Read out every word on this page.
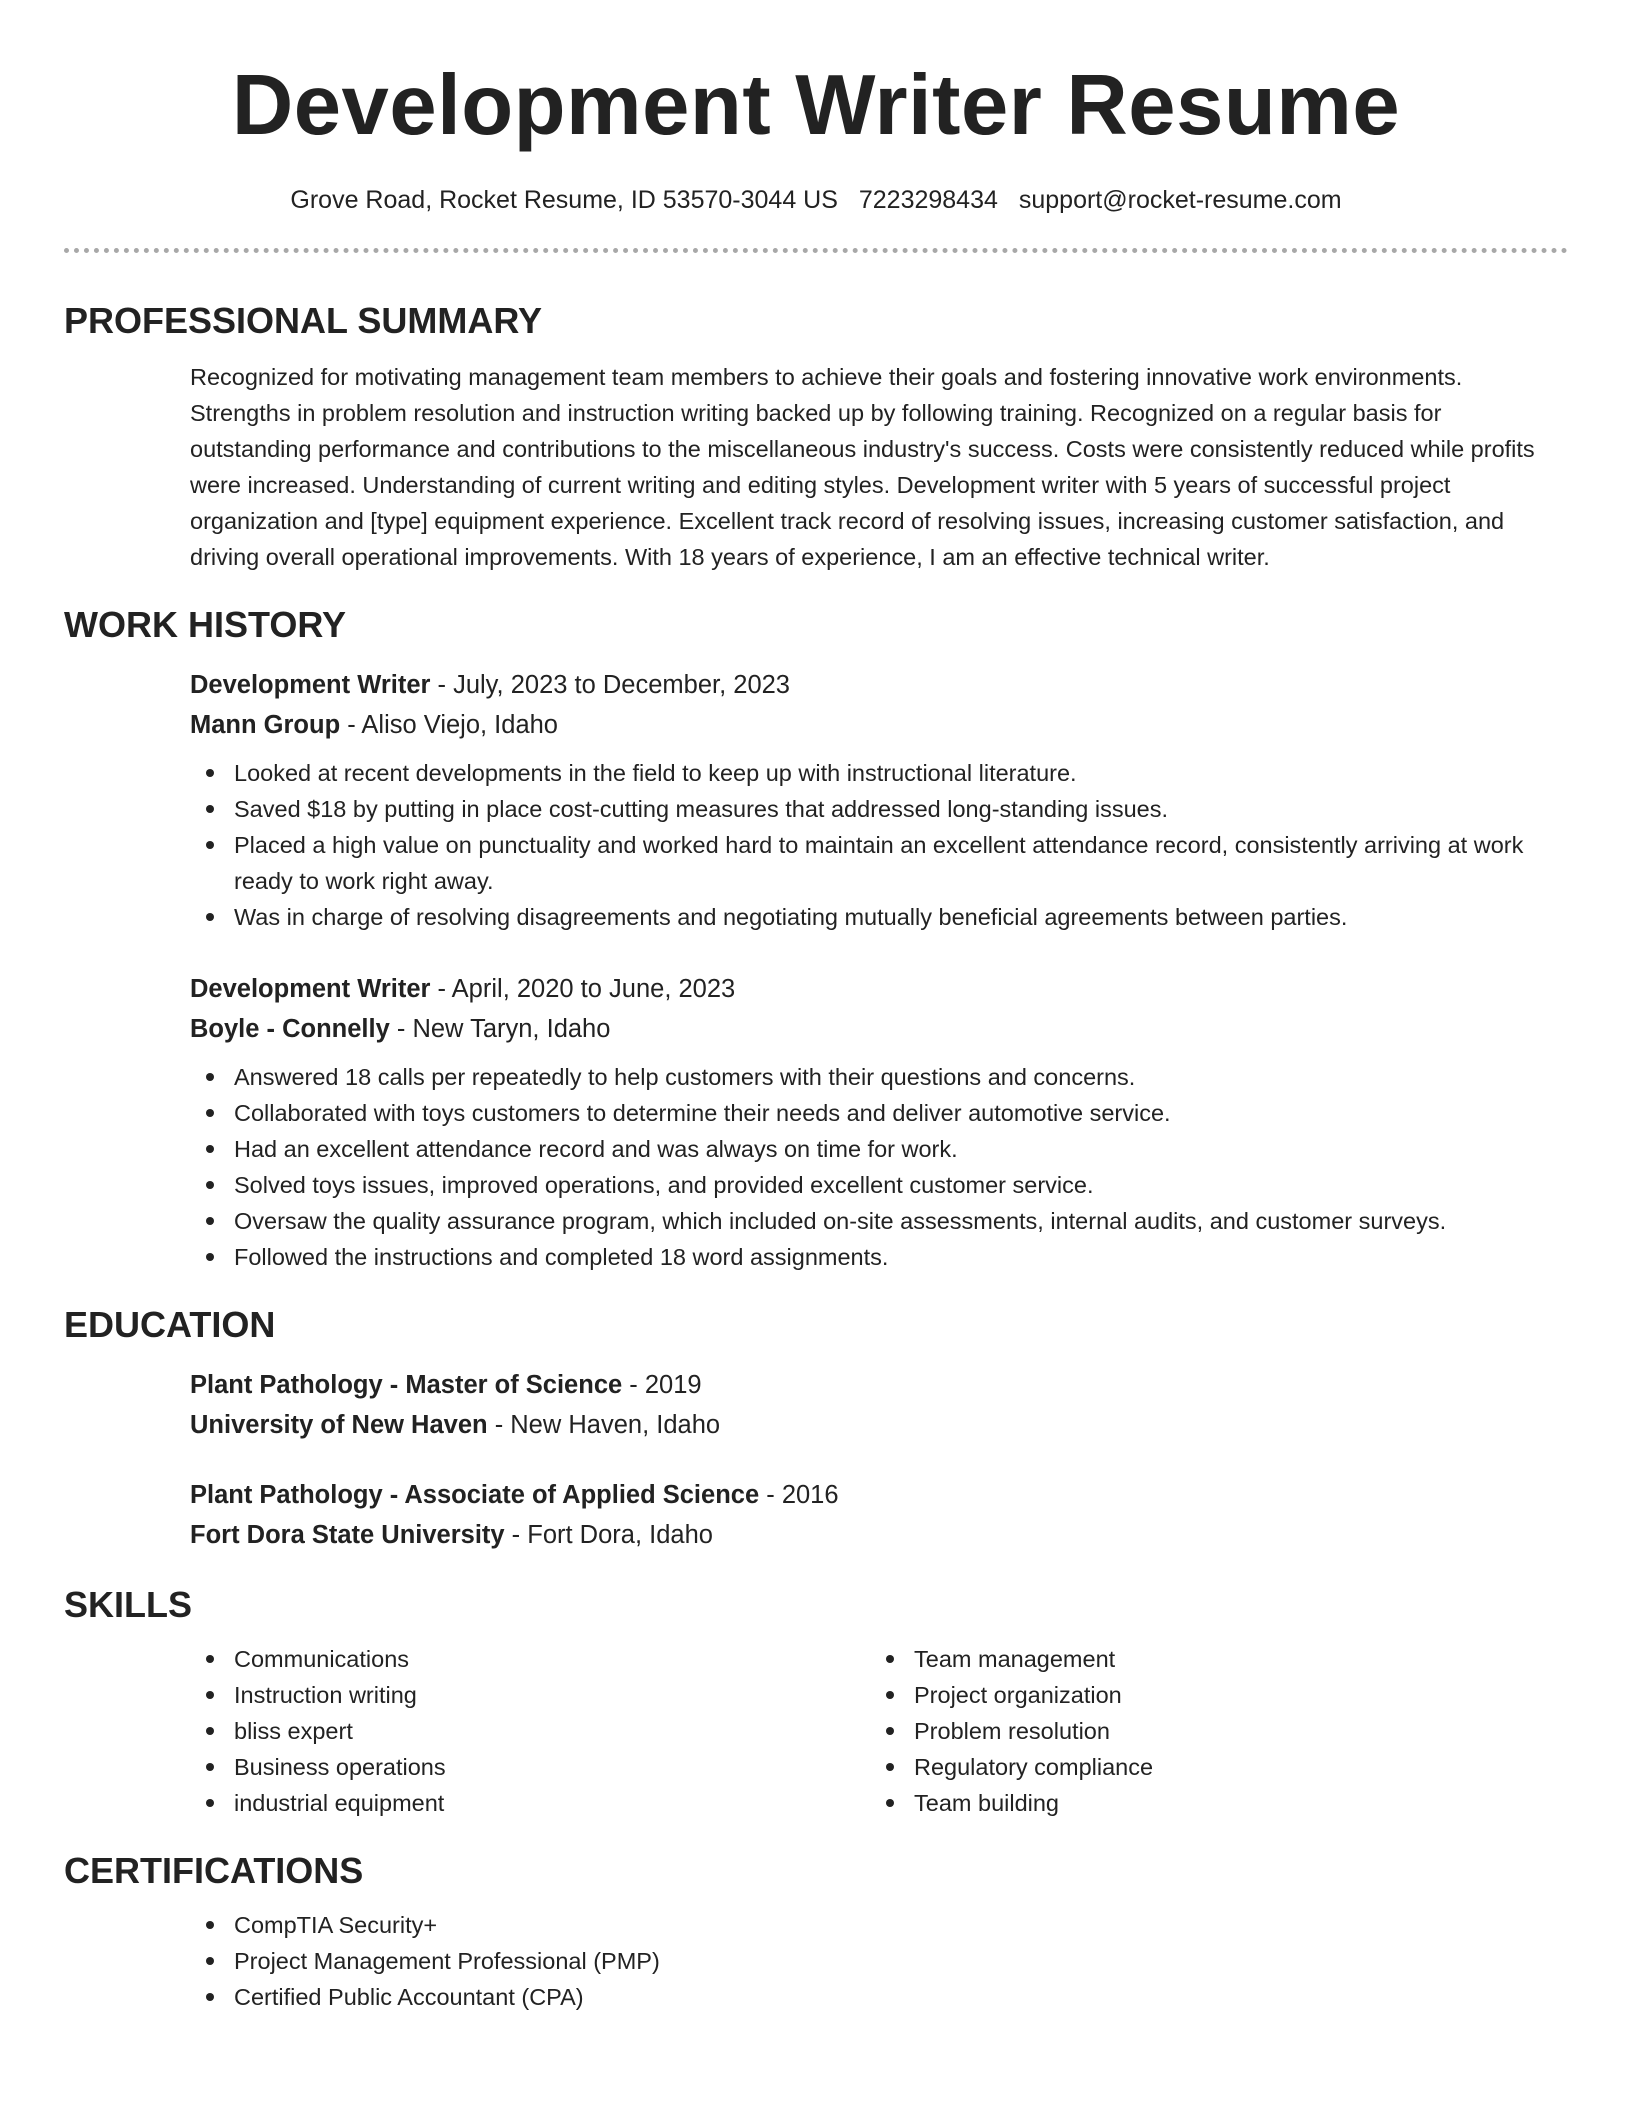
Development Writer Resume
Grove Road, Rocket Resume, ID 53570-3044 US 7223298434 support@rocket-resume.com
PROFESSIONAL SUMMARY

Recognized for motivating management team members to achieve their goals and fostering innovative work environments. Strengths in problem resolution and instruction writing backed up by following training. Recognized on a regular basis for outstanding performance and contributions to the miscellaneous industry's success. Costs were consistently reduced while profits were increased. Understanding of current writing and editing styles. Development writer with 5 years of successful project organization and [type] equipment experience. Excellent track record of resolving issues, increasing customer satisfaction, and driving overall operational improvements. With 18 years of experience, I am an effective technical writer.

WORK HISTORY
Development Writer - July, 2023 to December, 2023
Mann Group - Aliso Viejo, Idaho
Looked at recent developments in the field to keep up with instructional literature.
Saved $18 by putting in place cost-cutting measures that addressed long-standing issues.
Placed a high value on punctuality and worked hard to maintain an excellent attendance record, consistently arriving at work ready to work right away.
Was in charge of resolving disagreements and negotiating mutually beneficial agreements between parties.
Development Writer - April, 2020 to June, 2023
Boyle - Connelly - New Taryn, Idaho
Answered 18 calls per repeatedly to help customers with their questions and concerns.
Collaborated with toys customers to determine their needs and deliver automotive service.
Had an excellent attendance record and was always on time for work.
Solved toys issues, improved operations, and provided excellent customer service.
Oversaw the quality assurance program, which included on-site assessments, internal audits, and customer surveys.
Followed the instructions and completed 18 word assignments.
EDUCATION
Plant Pathology - Master of Science - 2019
University of New Haven - New Haven, Idaho
Plant Pathology - Associate of Applied Science - 2016
Fort Dora State University - Fort Dora, Idaho
SKILLS
Communications
Instruction writing
bliss expert
Business operations
industrial equipment
Team management
Project organization
Problem resolution
Regulatory compliance
Team building
CERTIFICATIONS
CompTIA Security+
Project Management Professional (PMP)
Certified Public Accountant (CPA)
